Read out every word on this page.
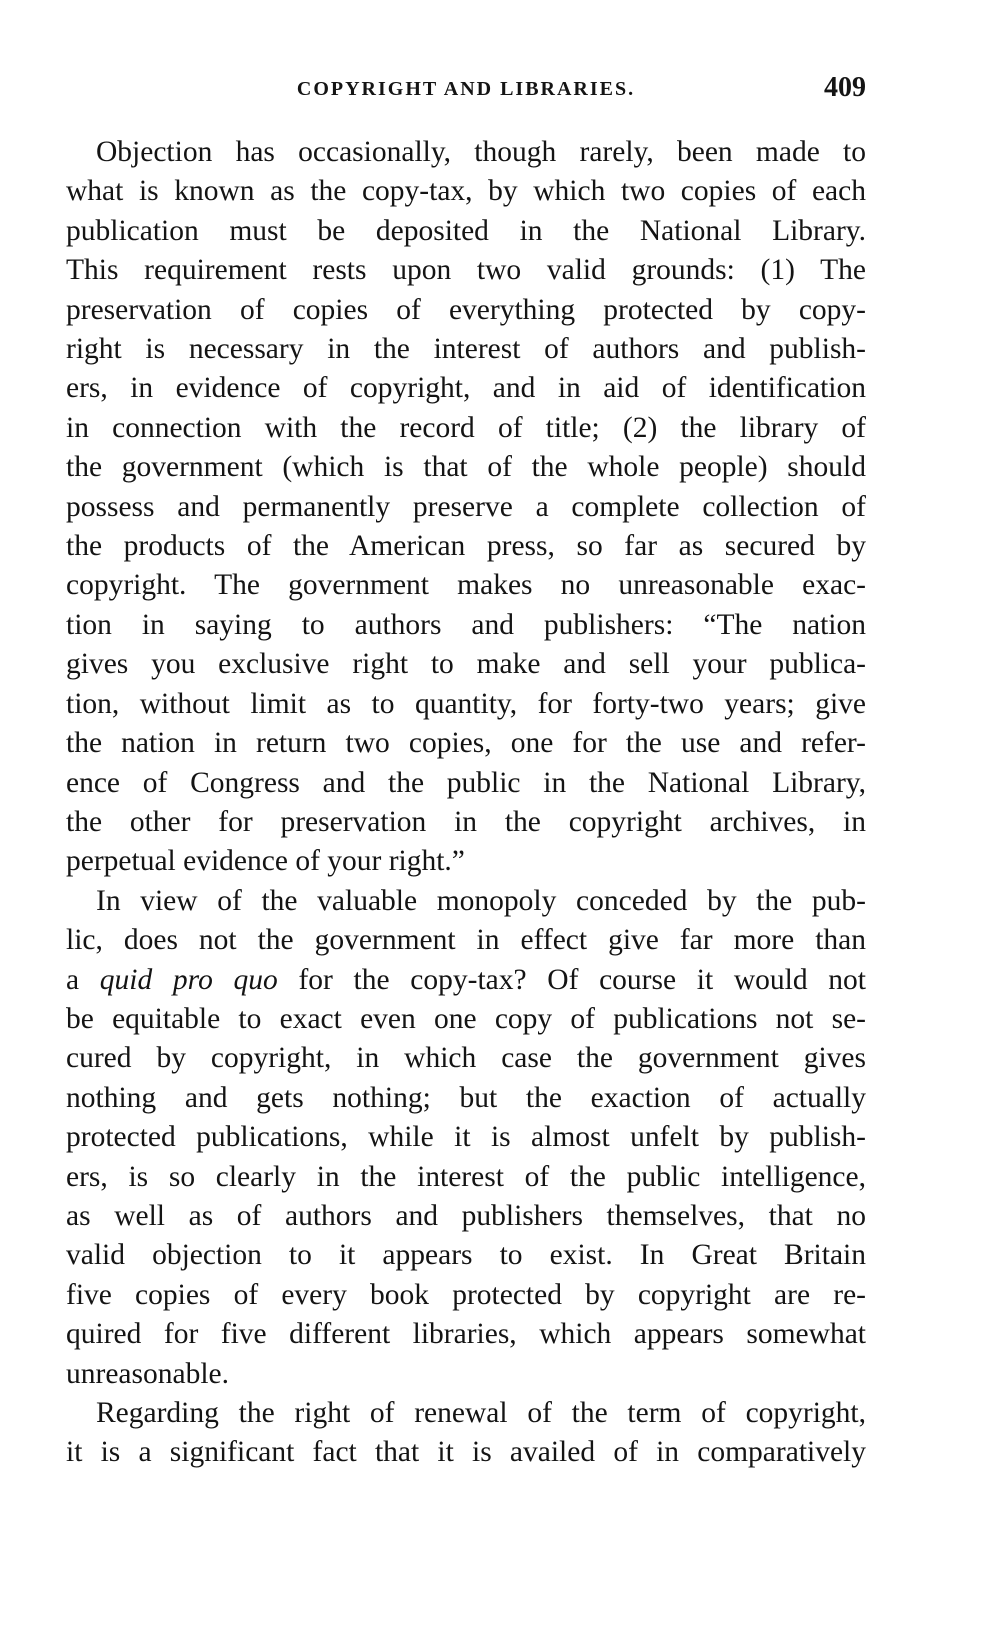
COPYRIGHT AND LIBRARIES.	409
Objection has occasionally, though rarely, been made to
what is known as the copy-tax, by which two copies of each
publication must be deposited in the National Library.
This requirement rests upon two valid grounds: (1) The
preservation of copies of everything protected by copy-
right is necessary in the interest of authors and publish-
ers, in evidence of copyright, and in aid of identification
in connection with the record of title; (2) the library of
the government (which is that of the whole people) should
possess and permanently preserve a complete collection of
the products of the American press, so far as secured by
copyright. The government makes no unreasonable exac-
tion in saying to authors and publishers: “The nation
gives you exclusive right to make and sell your publica-
tion, without limit as to quantity, for forty-two years; give
the nation in return two copies, one for the use and refer-
ence of Congress and the public in the National Library,
the other for preservation in the copyright archives, in
perpetual evidence of your right.”
In view of the valuable monopoly conceded by the pub-
lic, does not the government in effect give far more than
a quid pro quo for the copy-tax? Of course it would not
be equitable to exact even one copy of publications not se-
cured by copyright, in which case the government gives
nothing and gets nothing; but the exaction of actually
protected publications, while it is almost unfelt by publish-
ers, is so clearly in the interest of the public intelligence,
as well as of authors and publishers themselves, that no
valid objection to it appears to exist. In Great Britain
five copies of every book protected by copyright are re-
quired for five different libraries, which appears somewhat
unreasonable.
Regarding the right of renewal of the term of copyright,
it is a significant fact that it is availed of in comparatively
